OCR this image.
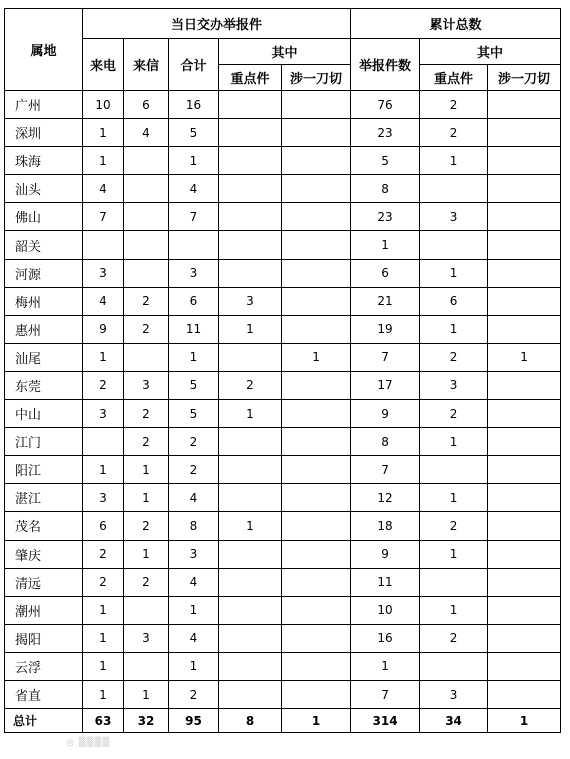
属地	当日交办举报件					累计总数		
	来电	来信	合计	其中		举报件数	其中	
				重点件	涉一刀切		重点件	涉一刀切
广州	10	6	16			76	2	
深圳	1	4	5			23	2	
珠海	1		1			5	1	
汕头	4		4			8		
佛山	7		7			23	3	
韶关						1		
河源	3		3			6	1	
梅州	4	2	6	3		21	6	
惠州	9	2	11	1		19	1	
汕尾	1		1		1	7	2	1
东莞	2	3	5	2		17	3	
中山	3	2	5	1		9	2	
江门		2	2			8	1	
阳江	1	1	2			7		
湛江	3	1	4			12	1	
茂名	6	2	8	1		18	2	
肇庆	2	1	3			9	1	
清远	2	2	4			11		
潮州	1		1			10	1	
揭阳	1	3	4			16	2	
云浮	1		1			1		
省直	1	1	2			7	3	
总计	63	32	95	8	1	314	34	1
◎ ▒▒▒▒
